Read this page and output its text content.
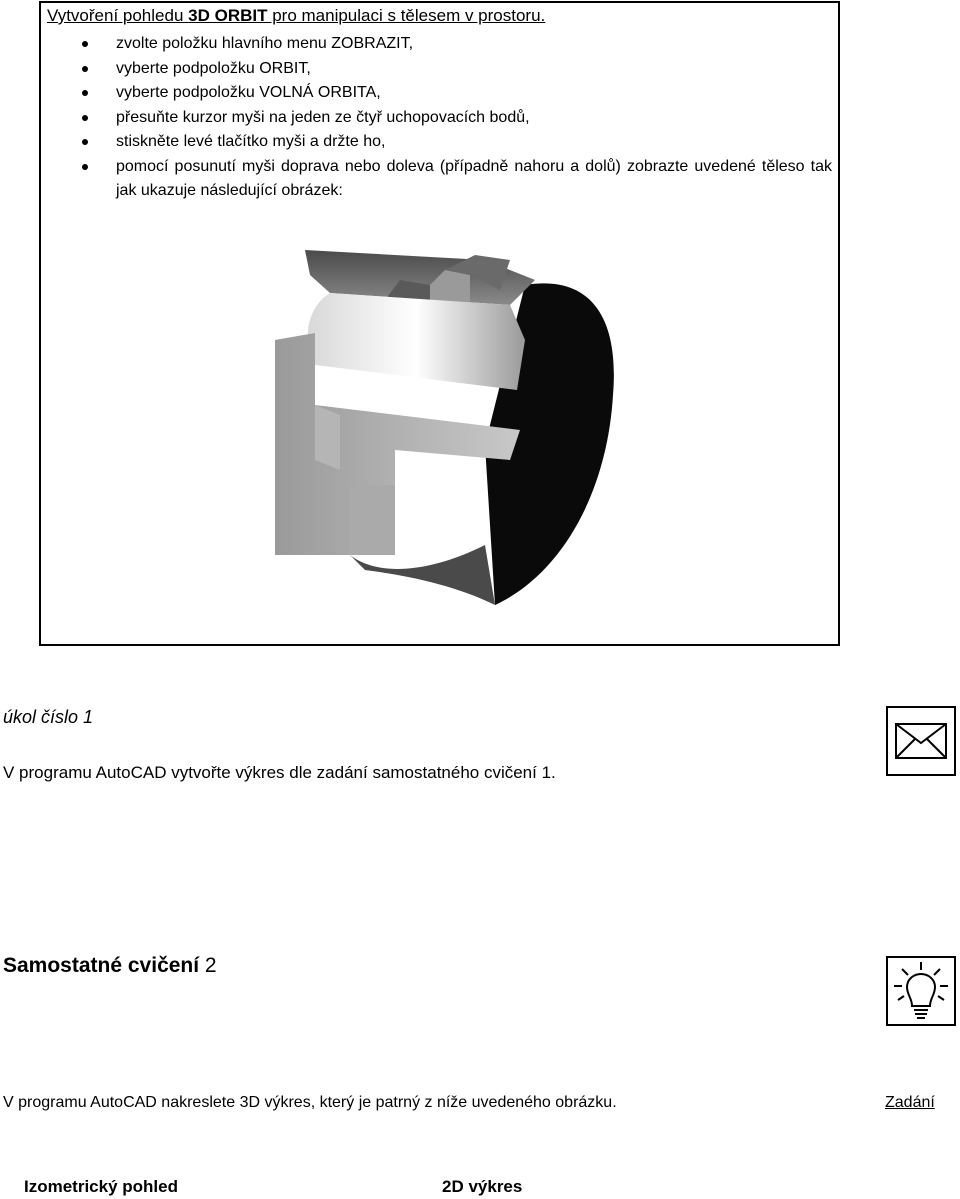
Vytvoření pohledu 3D ORBIT pro manipulaci s tělesem v prostoru.
zvolte položku hlavního menu ZOBRAZIT,
vyberte podpoložku ORBIT,
vyberte podpoložku VOLNÁ ORBITA,
přesuňte kurzor myši na jeden ze čtyř uchopovacích bodů,
stiskněte levé tlačítko myši a držte ho,
pomocí posunutí myši doprava nebo doleva (případně nahoru a dolů) zobrazte uvedené těleso tak jak ukazuje následující obrázek:
úkol číslo 1
V programu AutoCAD vytvořte výkres dle zadání samostatného cvičení 1.
Samostatné cvičení 2
V programu AutoCAD nakreslete 3D výkres, který je patrný z níže uvedeného obrázku.	Zadání
Izometrický pohled	2D výkres
